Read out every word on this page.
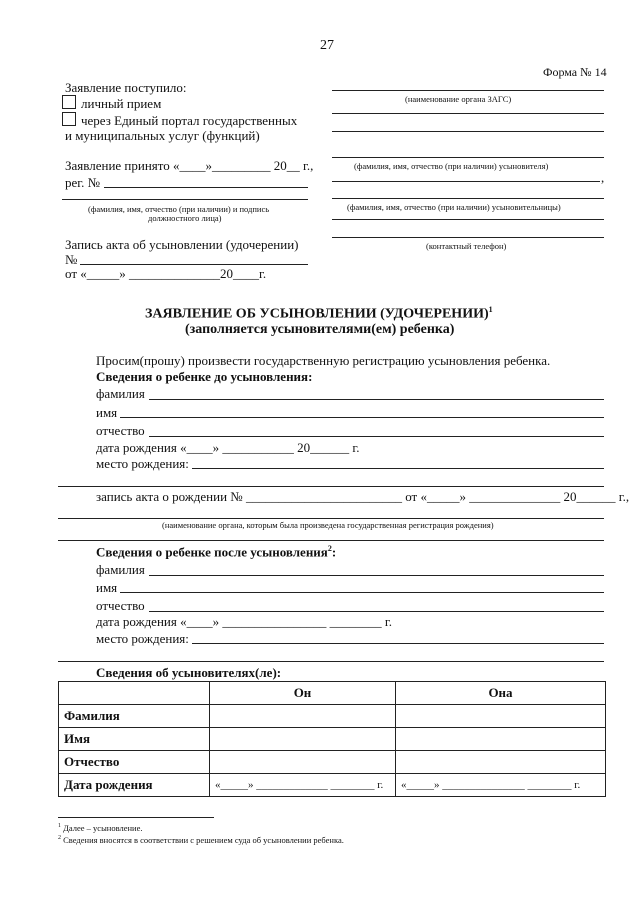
27
Форма № 14
Заявление поступило:
личный прием
через Единый портал государственных
и муниципальных услуг (функций)
Заявление принято «____»_________ 20__ г.,
рег. №
(фамилия, имя, отчество (при наличии) и подпись
должностного лица)
Запись акта об усыновлении (удочерении)
№
от «_____» ______________20____г.
(наименование органа ЗАГС)
(фамилия, имя, отчество (при наличии) усыновителя)
,
(фамилия, имя, отчество (при наличии) усыновительницы)
(контактный телефон)
ЗАЯВЛЕНИЕ ОБ УСЫНОВЛЕНИИ (УДОЧЕРЕНИИ)$^1$
(заполняется усыновителями(ем) ребенка)
Просим(прошу) произвести государственную регистрацию усыновления ребенка.
Сведения о ребенке до усыновления:
фамилия
имя
отчество
дата рождения «____» ___________ 20______ г.
место рождения:
запись акта о рождении № ________________________ от «_____» ______________ 20______ г.,
(наименование органа, которым была произведена государственная регистрация рождения)
Сведения о ребенке после усыновления$^2$:
фамилия
имя
отчество
дата рождения «____» ________________ ________ г.
место рождения:
Сведения об усыновителях(ле):
	Он	Она
Фамилия		
Имя		
Отчество		
Дата рождения	«_____» _____________ ________ г.	«_____» _______________ ________ г.
$^1$ Далее – усыновление.
$^2$ Сведения вносятся в соответствии с решением суда об усыновлении ребенка.
